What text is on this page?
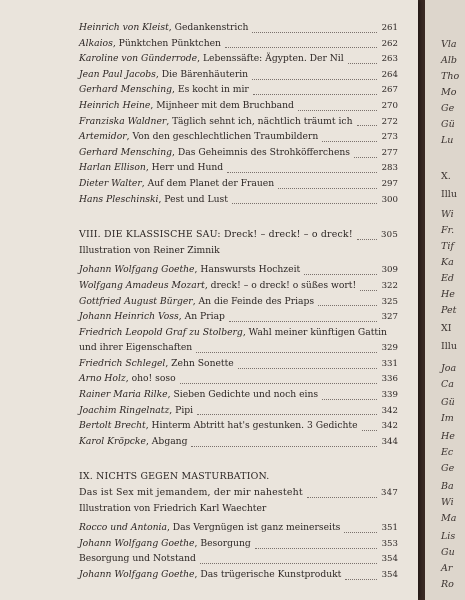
Heinrich von Kleist, Gedankenstrich	261
Alkaios, Pünktchen Pünktchen	262
Karoline von Günderrode, Lebenssäfte: Ägypten. Der Nil	263
Jean Paul Jacobs, Die Bärenhäuterin	264
Gerhard Mensching, Es kocht in mir	267
Heinrich Heine, Mijnheer mit dem Bruchband	270
Franziska Waldner, Täglich sehnt ich, nächtlich träumt ich	272
Artemidor, Von den geschlechtlichen Traumbildern	273
Gerhard Mensching, Das Geheimnis des Strohköfferchens	277
Harlan Ellison, Herr und Hund	283
Dieter Walter, Auf dem Planet der Frauen	297
Hans Pleschinski, Pest und Lust	300
VIII. DIE KLASSISCHE SAU: Dreck! – dreck! – o dreck!	305
Illustration von Reiner Zimnik
Johann Wolfgang Goethe, Hanswursts Hochzeit	309
Wolfgang Amadeus Mozart, dreck! – o dreck! o süßes wort!	322
Gottfried August Bürger, An die Feinde des Priaps	325
Johann Heinrich Voss, An Priap	327
Friedrich Leopold Graf zu Stolberg, Wahl meiner künftigen Gattin
und ihrer Eigenschaften	329
Friedrich Schlegel, Zehn Sonette	331
Arno Holz, oho! soso	336
Rainer Maria Rilke, Sieben Gedichte und noch eins	339
Joachim Ringelnatz, Pipi	342
Bertolt Brecht, Hinterm Abtritt hat's gestunken. 3 Gedichte	342
Karol Kröpcke, Abgang	344
IX. NICHTS GEGEN MASTURBATION.
Das ist Sex mit jemandem, der mir nahesteht	347
Illustration von Friedrich Karl Waechter
Rocco und Antonia, Das Vergnügen ist ganz meinerseits	351
Johann Wolfgang Goethe, Besorgung	353
Besorgung und Notstand	354
Johann Wolfgang Goethe, Das trügerische Kunstprodukt	354
Vla
Alb
Tho
Mo
Ge
Gü
Lu
X.
Illu
Wi
Fr.
Tif
Ka
Ed
He
Pet
XI
Illu
Joa
Ca
Gü
Im
He
Ec
Ge
Ba
Wi
Ma
Lis
Gu
Ar
Ro
